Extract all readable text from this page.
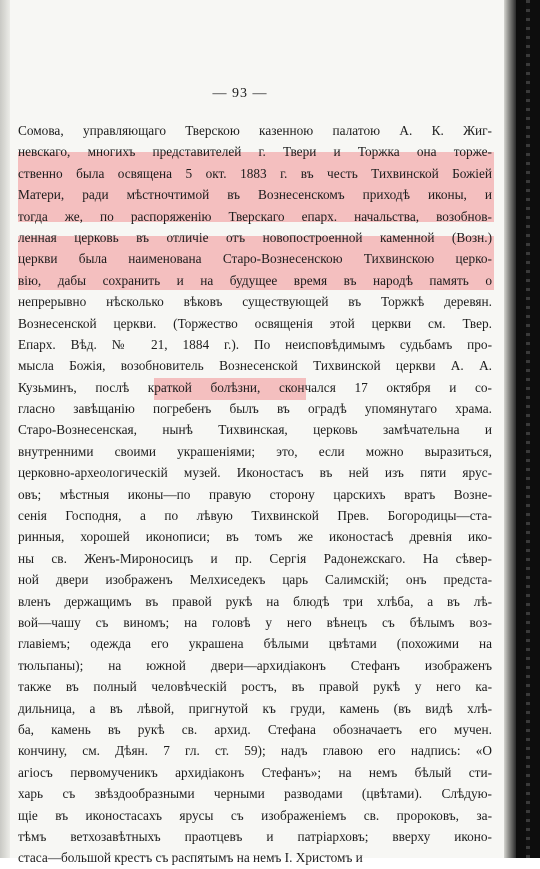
— 93 —
Сомова, управляющаго Тверскою казенною палатою А. К. Жиг-
невскаго, многихъ представителей г. Твери и Торжка она торже-
ственно была освящена 5 окт. 1883 г. въ честь Тихвинской Божіей
Матери, ради мѣстночтимой въ Вознесенскомъ приходѣ иконы, и
тогда же, по распоряженію Тверскаго епарх. начальства, возобнов-
ленная церковь въ отличіе отъ новопостроенной каменной (Возн.)
церкви была наименована Старо-Вознесенскою Тихвинскою церко-
вію, дабы сохранить и на будущее время въ народѣ память о
непрерывно нѣсколько вѣковъ существующей въ Торжкѣ деревян.
Вознесенской церкви. (Торжество освященія этой церкви см. Твер.
Епарх. Вѣд. № 21, 1884 г.). По неисповѣдимымъ судьбамъ про-
мысла Божія, возобновитель Вознесенской Тихвинской церкви А. А.
Кузьминъ, послѣ краткой болѣзни, скончался 17 октября и со-
гласно завѣщанію погребенъ былъ въ оградѣ упомянутаго храма.
Старо-Вознесенская, нынѣ Тихвинская, церковь замѣчательна и
внутренними своими украшеніями; это, если можно выразиться,
церковно-археологическій музей. Иконостасъ въ ней изъ пяти ярус-
овъ; мѣстныя иконы—по правую сторону царскихъ вратъ Возне-
сенія Господня, а по лѣвую Тихвинской Прев. Богородицы—ста-
ринныя, хорошей иконописи; въ томъ же иконостасѣ древнія ико-
ны св. Женъ-Мироносицъ и пр. Сергія Радонежскаго. На сѣвер-
ной двери изображенъ Мелхиседекъ царь Салимскій; онъ предста-
вленъ держащимъ въ правой рукѣ на блюдѣ три хлѣба, а въ лѣ-
вой—чашу съ виномъ; на головѣ у него вѣнецъ съ бѣлымъ воз-
главіемъ; одежда его украшена бѣлыми цвѣтами (похожими на
тюльпаны); на южной двери—архидіаконъ Стефанъ изображенъ
также въ полный человѣческій ростъ, въ правой рукѣ у него ка-
дильница, а въ лѣвой, пригнутой къ груди, камень (въ видѣ хлѣ-
ба, камень въ рукѣ св. архид. Стефана обозначаетъ его мучен.
кончину, см. Дѣян. 7 гл. ст. 59); надъ главою его надпись: «О
агіосъ первомученикъ архидіаконъ Стефанъ»; на немъ бѣлый сти-
харь съ звѣздообразными черными разводами (цвѣтами). Слѣдую-
щіе въ иконостасахъ ярусы съ изображеніемъ св. пророковъ, за-
тѣмъ ветхозавѣтныхъ праотцевъ и патріарховъ; вверху иконо-
стаса—большой крестъ съ распятымъ на немъ І. Христомъ и
